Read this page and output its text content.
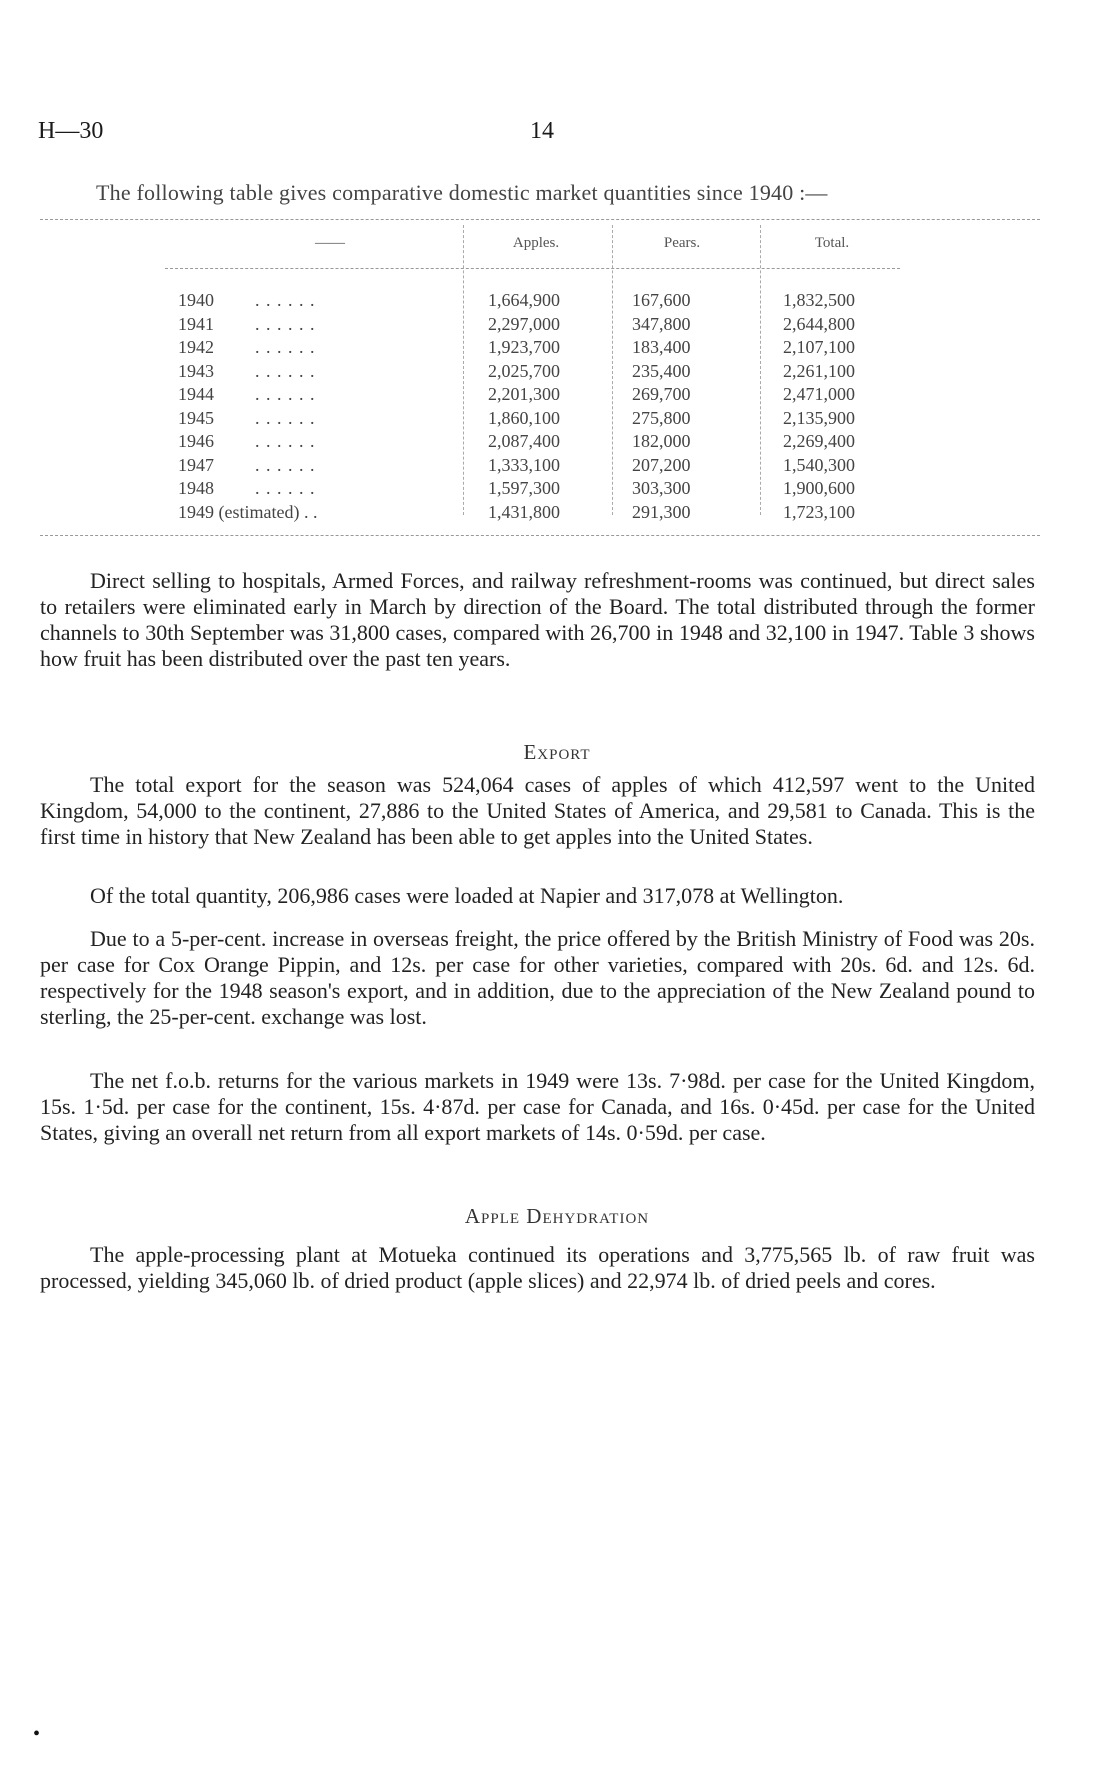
H—30	14
The following table gives comparative domestic market quantities since 1940 :—
——	Apples.	Pears.	Total.
1940 . . . . . .	1,664,900	167,600	1,832,500
1941 . . . . . .	2,297,000	347,800	2,644,800
1942 . . . . . .	1,923,700	183,400	2,107,100
1943 . . . . . .	2,025,700	235,400	2,261,100
1944 . . . . . .	2,201,300	269,700	2,471,000
1945 . . . . . .	1,860,100	275,800	2,135,900
1946 . . . . . .	2,087,400	182,000	2,269,400
1947 . . . . . .	1,333,100	207,200	1,540,300
1948 . . . . . .	1,597,300	303,300	1,900,600
1949 (estimated) . .	1,431,800	291,300	1,723,100
Direct selling to hospitals, Armed Forces, and railway refreshment-rooms was continued, but direct sales to retailers were eliminated early in March by direction of the Board. The total distributed through the former channels to 30th September was 31,800 cases, compared with 26,700 in 1948 and 32,100 in 1947. Table 3 shows how fruit has been distributed over the past ten years.
Export
The total export for the season was 524,064 cases of apples of which 412,597 went to the United Kingdom, 54,000 to the continent, 27,886 to the United States of America, and 29,581 to Canada. This is the first time in history that New Zealand has been able to get apples into the United States.
Of the total quantity, 206,986 cases were loaded at Napier and 317,078 at Wellington.
Due to a 5-per-cent. increase in overseas freight, the price offered by the British Ministry of Food was 20s. per case for Cox Orange Pippin, and 12s. per case for other varieties, compared with 20s. 6d. and 12s. 6d. respectively for the 1948 season's export, and in addition, due to the appreciation of the New Zealand pound to sterling, the 25-per-cent. exchange was lost.
The net f.o.b. returns for the various markets in 1949 were 13s. 7·98d. per case for the United Kingdom, 15s. 1·5d. per case for the continent, 15s. 4·87d. per case for Canada, and 16s. 0·45d. per case for the United States, giving an overall net return from all export markets of 14s. 0·59d. per case.
Apple Dehydration
The apple-processing plant at Motueka continued its operations and 3,775,565 lb. of raw fruit was processed, yielding 345,060 lb. of dried product (apple slices) and 22,974 lb. of dried peels and cores.
•
